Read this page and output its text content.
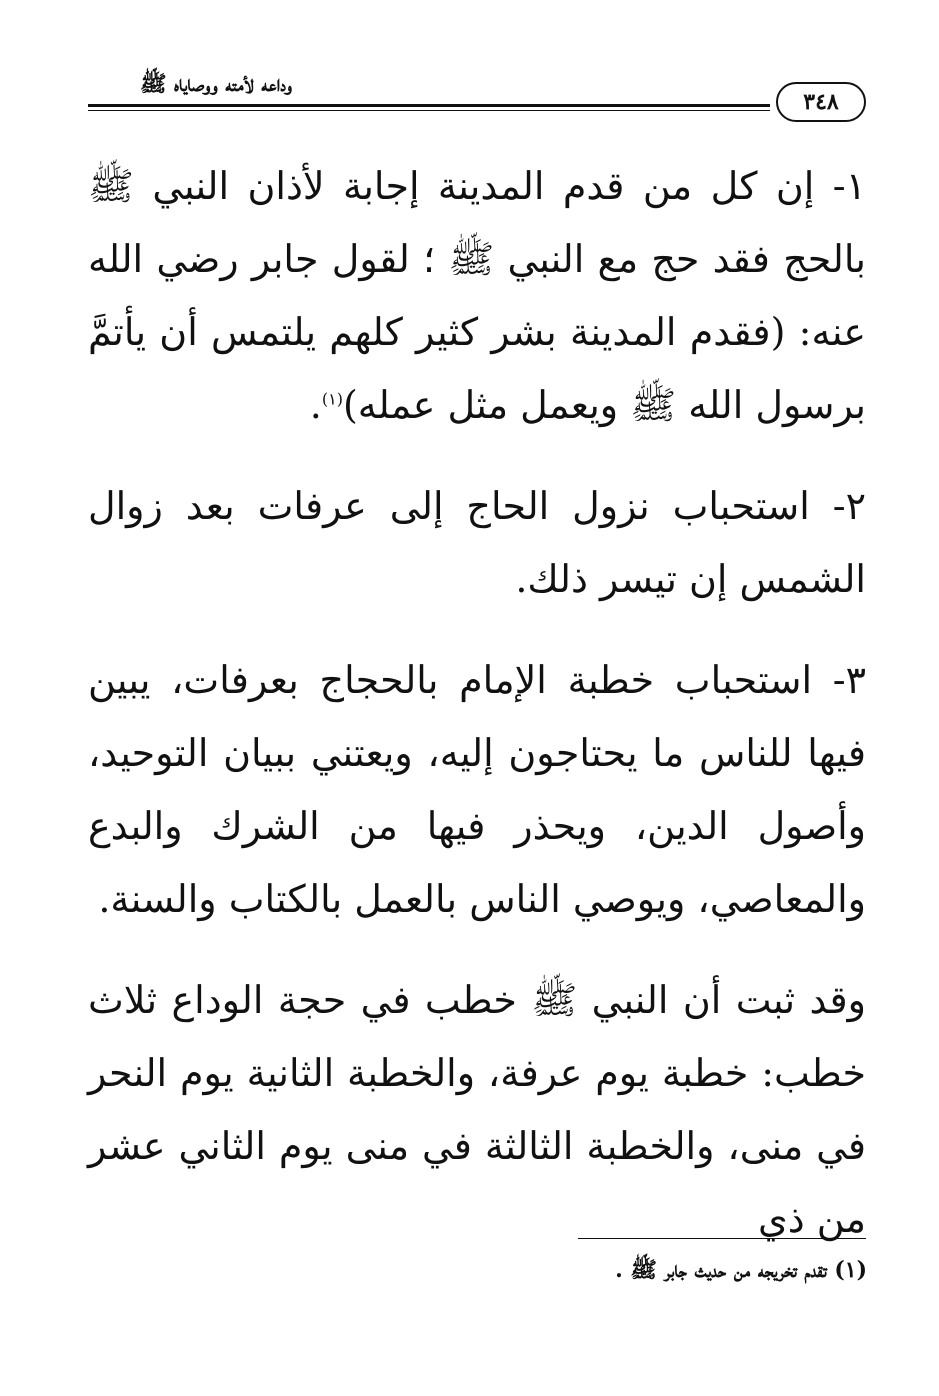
وداعه لأمته ووصاياه ﷺ
٣٤٨

١- إن كل من قدم المدينة إجابة لأذان النبي ﷺ بالحج فقد حج مع النبي ﷺ ؛ لقول جابر رضي الله عنه: (فقدم المدينة بشر كثير كلهم يلتمس أن يأتمَّ برسول الله ﷺ ويعمل مثل عمله)$^{(١)}$.

٢- استحباب نزول الحاج إلى عرفات بعد زوال الشمس إن تيسر ذلك.

٣- استحباب خطبة الإمام بالحجاج بعرفات، يبين فيها للناس ما يحتاجون إليه، ويعتني ببيان التوحيد، وأصول الدين، ويحذر فيها من الشرك والبدع والمعاصي، ويوصي الناس بالعمل بالكتاب والسنة.

وقد ثبت أن النبي ﷺ خطب في حجة الوداع ثلاث خطب: خطبة يوم عرفة، والخطبة الثانية يوم النحر في منى، والخطبة الثالثة في منى يوم الثاني عشر من ذي

(١) تقدم تخريجه من حديث جابر ﷺ .
